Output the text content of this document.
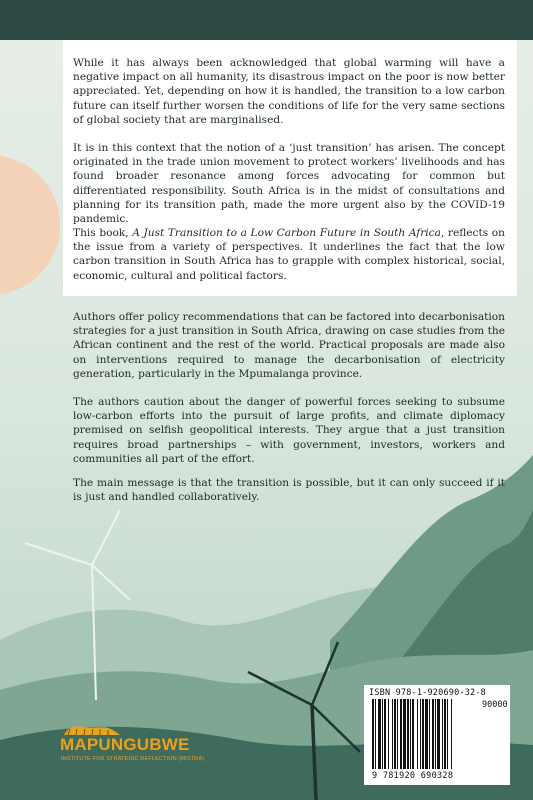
While it has always been acknowledged that global warming will have a negative impact on all humanity, its disastrous impact on the poor is now better appreciated. Yet, depending on how it is handled, the transition to a low carbon future can itself further worsen the conditions of life for the very same sections of global society that are marginalised.

It is in this context that the notion of a ‘just transition’ has arisen. The concept originated in the trade union movement to protect workers’ livelihoods and has found broader resonance among forces advocating for common but differentiated responsibility. South Africa is in the midst of consultations and planning for its transition path, made the more urgent also by the COVID-19 pandemic.

This book, A Just Transition to a Low Carbon Future in South Africa, reflects on the issue from a variety of perspectives. It underlines the fact that the low carbon transition in South Africa has to grapple with complex historical, social, economic, cultural and political factors.

Authors offer policy recommendations that can be factored into decarbonisation strategies for a just transition in South Africa, drawing on case studies from the African continent and the rest of the world. Practical proposals are made also on interventions required to manage the decarbonisation of electricity generation, particularly in the Mpumalanga province.

The authors caution about the danger of powerful forces seeking to subsume low-carbon efforts into the pursuit of large profits, and climate diplomacy premised on selfish geopolitical interests. They argue that a just transition requires broad partnerships – with government, investors, workers and communities all part of the effort.

The main message is that the transition is possible, but it can only succeed if it is just and handled collaboratively.

MAPUNGUBWE
INSTITUTE FOR STRATEGIC REFLECTION (MISTRA)
ISBN 978-1-920690-32-8
90000
9 781920 690328
